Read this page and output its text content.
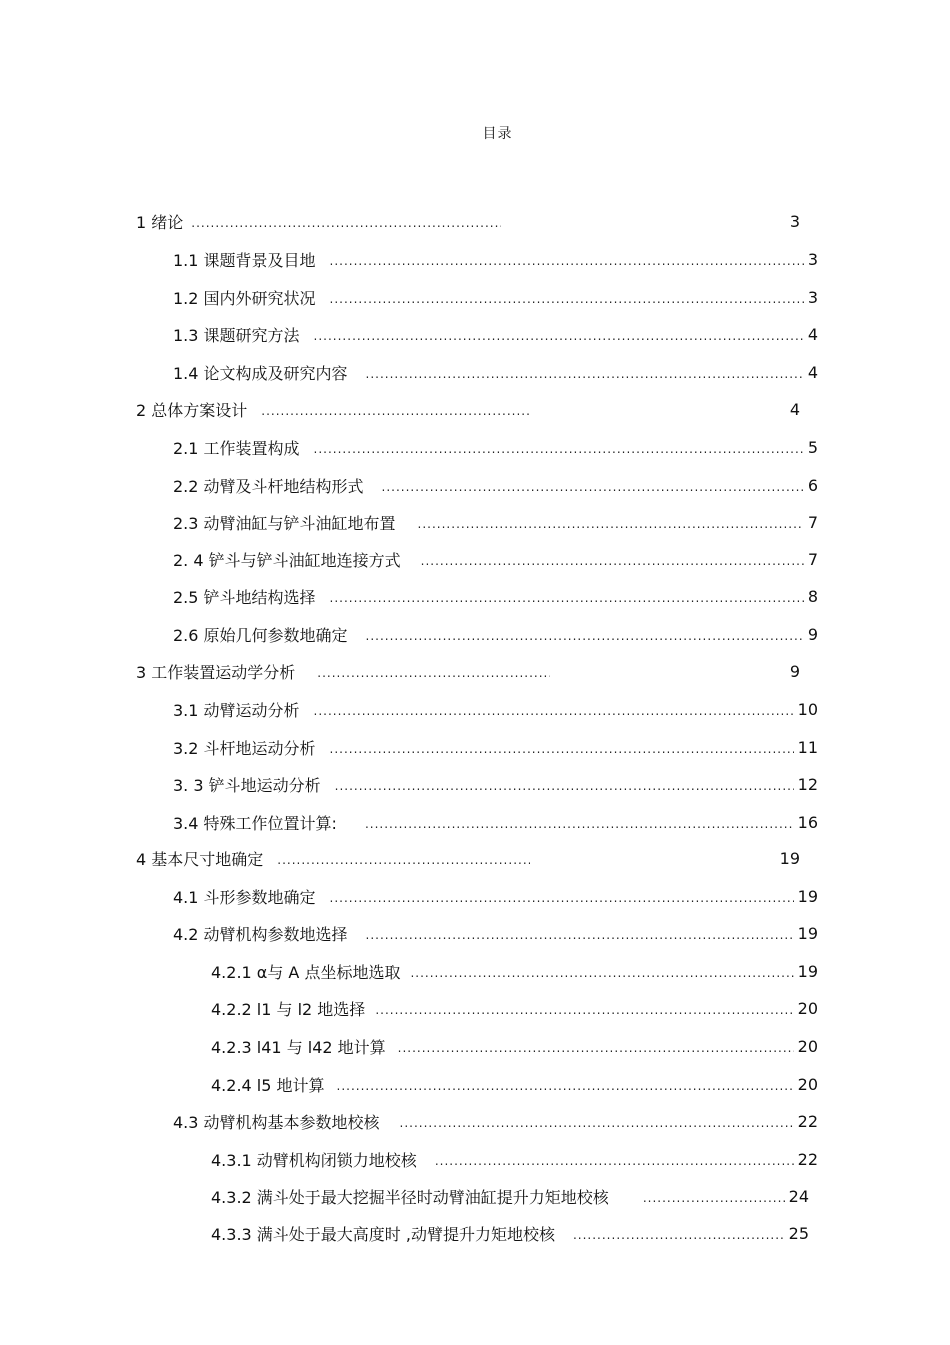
目录
1 绪论 .....	3
1.1 课题背景及目地 .....	3
1.2 国内外研究状况 .....	3
1.3 课题研究方法 .....	4
1.4 论文构成及研究内容 .....	4
2 总体方案设计 .....	4
2.1 工作装置构成 .....	5
2.2 动臂及斗杆地结构形式 .....	6
2.3 动臂油缸与铲斗油缸地布置 .....	7
2. 4 铲斗与铲斗油缸地连接方式 .....	7
2.5 铲斗地结构选择 .....	8
2.6 原始几何参数地确定 .....	9
3 工作装置运动学分析 .....	9
3.1 动臂运动分析 .....	10
3.2 斗杆地运动分析 .....	11
3. 3 铲斗地运动分析 .....	12
3.4 特殊工作位置计算: .....	16
4 基本尺寸地确定 .....	19
4.1 斗形参数地确定 .....	19
4.2 动臂机构参数地选择 .....	19
4.2.1 α与 A 点坐标地选取 .....	19
4.2.2 l1 与 l2 地选择 .....	20
4.2.3 l41 与 l42 地计算 .....	20
4.2.4 l5 地计算 .....	20
4.3 动臂机构基本参数地校核 .....	22
4.3.1 动臂机构闭锁力地校核 .....	22
4.3.2 满斗处于最大挖掘半径时动臂油缸提升力矩地校核 .....	24
4.3.3 满斗处于最大高度时 ,动臂提升力矩地校核 .....	25
